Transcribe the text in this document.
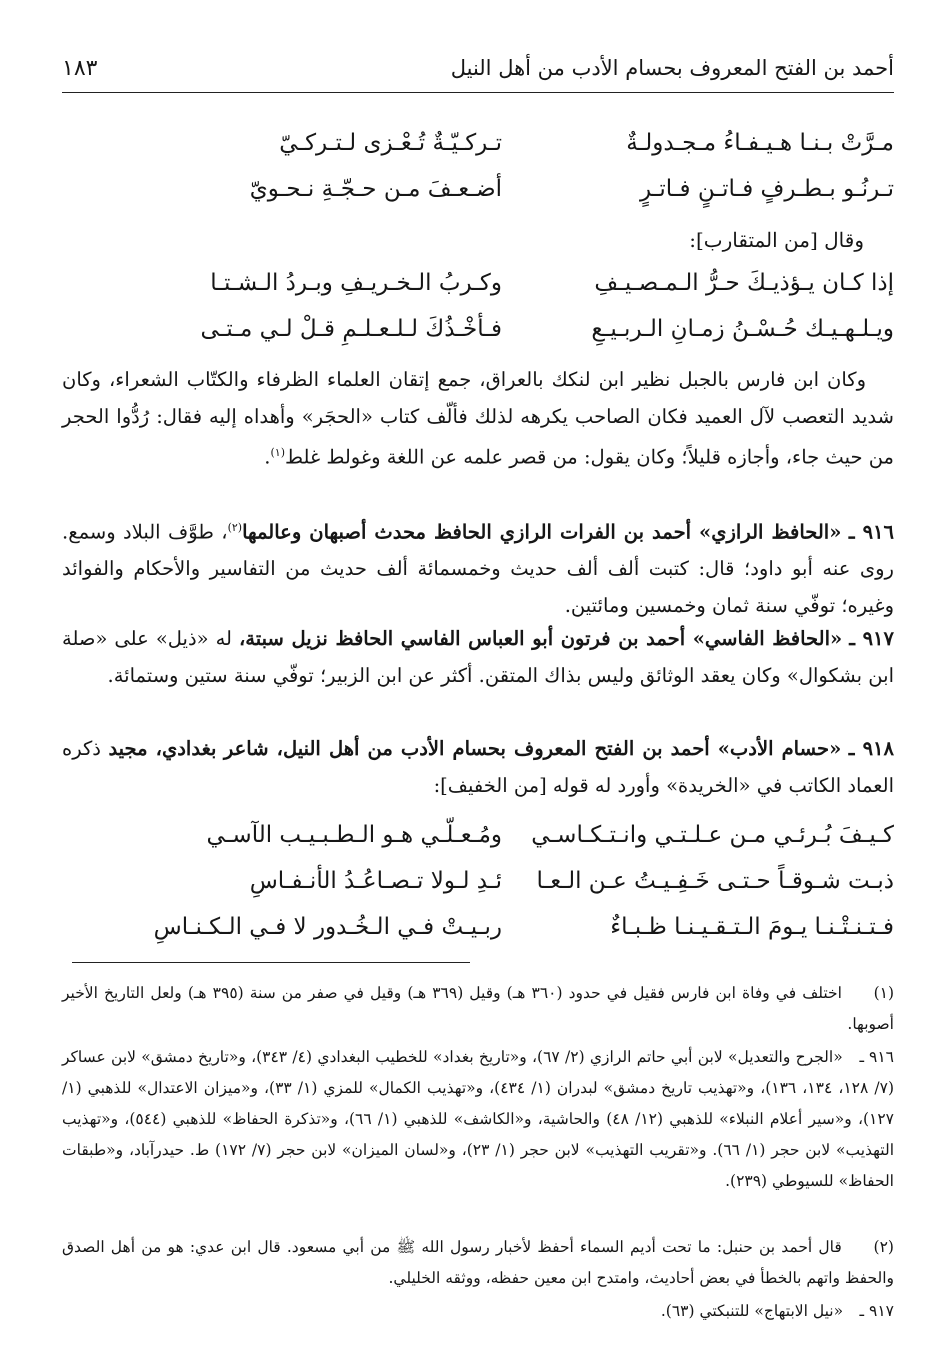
أحمد بن الفتح المعروف بحسام الأدب من أهل النيل
١٨٣
مـرَّتْ بـنـا هـيـفـاءُ مـجـدولـةٌ
تـركـيّـةٌ تُـعْـزى لـتـركـيّ
تـرنُـو بـطـرفٍ فـاتـنٍ فـاتـرٍ
أضـعـفَ مـن حـجّـةِ نـحـويّ
وقال [من المتقارب]:
إذا كـان يـؤذيـكَ حـرُّ الـمـصـيـفِ
وكـربُ الـخـريـفِ وبـردُ الـشـتـا
ويـلـهـيـك حُـسْـنُ زمـانِ الـربـيـعِ
فـأخْـذُكَ لـلـعـلـمِ قـلْ لـي مـتـى
وكان ابن فارس بالجبل نظير ابن لنكك بالعراق، جمع إتقان العلماء الظرفاء والكتّاب الشعراء، وكان شديد التعصب لآل العميد فكان الصاحب يكرهه لذلك فألّف كتاب «الحجَر» وأهداه إليه فقال: رُدُّوا الحجر من حيث جاء، وأجازه قليلاً؛ وكان يقول: من قصر علمه عن اللغة وغولط غلط$^{(١)}$.
٩١٦ ـ «الحافظ الرازي» أحمد بن الفرات الرازي الحافظ محدث أصبهان وعالمها$^{(٢)}$، طوَّف البلاد وسمع. روى عنه أبو داود؛ قال: كتبت ألف ألف حديث وخمسمائة ألف حديث من التفاسير والأحكام والفوائد وغيره؛ توفّي سنة ثمان وخمسين ومائتين.
٩١٧ ـ «الحافظ الفاسي» أحمد بن فرتون أبو العباس الفاسي الحافظ نزيل سبتة، له «ذيل» على «صلة ابن بشكوال» وكان يعقد الوثائق وليس بذاك المتقن. أكثر عن ابن الزبير؛ توفّي سنة ستين وستمائة.
٩١٨ ـ «حسام الأدب» أحمد بن الفتح المعروف بحسام الأدب من أهل النيل، شاعر بغدادي، مجيد ذكره العماد الكاتب في «الخريدة» وأورد له قوله [من الخفيف]:
كـيـفَ بُـرئـي مـن عـلـتـي وانـتـكـاسـي
ومُـعـلّـي هـو الـطـبـيـب الآسـي
ذبـت شـوقـاً حـتـى خَـفِـيـتُ عـن الـعـا
ئـدِ لـولا تـصـاعُـدُ الأنـفـاسِ
فـتـنـتْـنـا يـومَ الـتـقـيـنـا ظـبـاءٌ
ربـيـتْ فـي الـخُـدور لا فـي الـكـنـاسِ
(١) اختلف في وفاة ابن فارس فقيل في حدود (٣٦٠ هـ) وقيل (٣٦٩ هـ) وقيل في صفر من سنة (٣٩٥ هـ) ولعل التاريخ الأخير أصوبها.
٩١٦ ـ «الجرح والتعديل» لابن أبي حاتم الرازي (٢/ ٦٧)، و«تاريخ بغداد» للخطيب البغدادي (٤/ ٣٤٣)، و«تاريخ دمشق» لابن عساكر (٧/ ١٢٨، ١٣٤، ١٣٦)، و«تهذيب تاريخ دمشق» لبدران (١/ ٤٣٤)، و«تهذيب الكمال» للمزي (١/ ٣٣)، و«ميزان الاعتدال» للذهبي (١/ ١٢٧)، و«سير أعلام النبلاء» للذهبي (١٢/ ٤٨) والحاشية، و«الكاشف» للذهبي (١/ ٦٦)، و«تذكرة الحفاظ» للذهبي (٥٤٤)، و«تهذيب التهذيب» لابن حجر (١/ ٦٦). و«تقريب التهذيب» لابن حجر (١/ ٢٣)، و«لسان الميزان» لابن حجر (٧/ ١٧٢) ط. حيدرآباد، و«طبقات الحفاظ» للسيوطي (٢٣٩).
(٢) قال أحمد بن حنبل: ما تحت أديم السماء أحفظ لأخبار رسول الله ﷺ من أبي مسعود. قال ابن عدي: هو من أهل الصدق والحفظ واتهم بالخطأ في بعض أحاديث، وامتدح ابن معين حفظه، ووثقه الخليلي.
٩١٧ ـ «نيل الابتهاج» للتنبكتي (٦٣).
